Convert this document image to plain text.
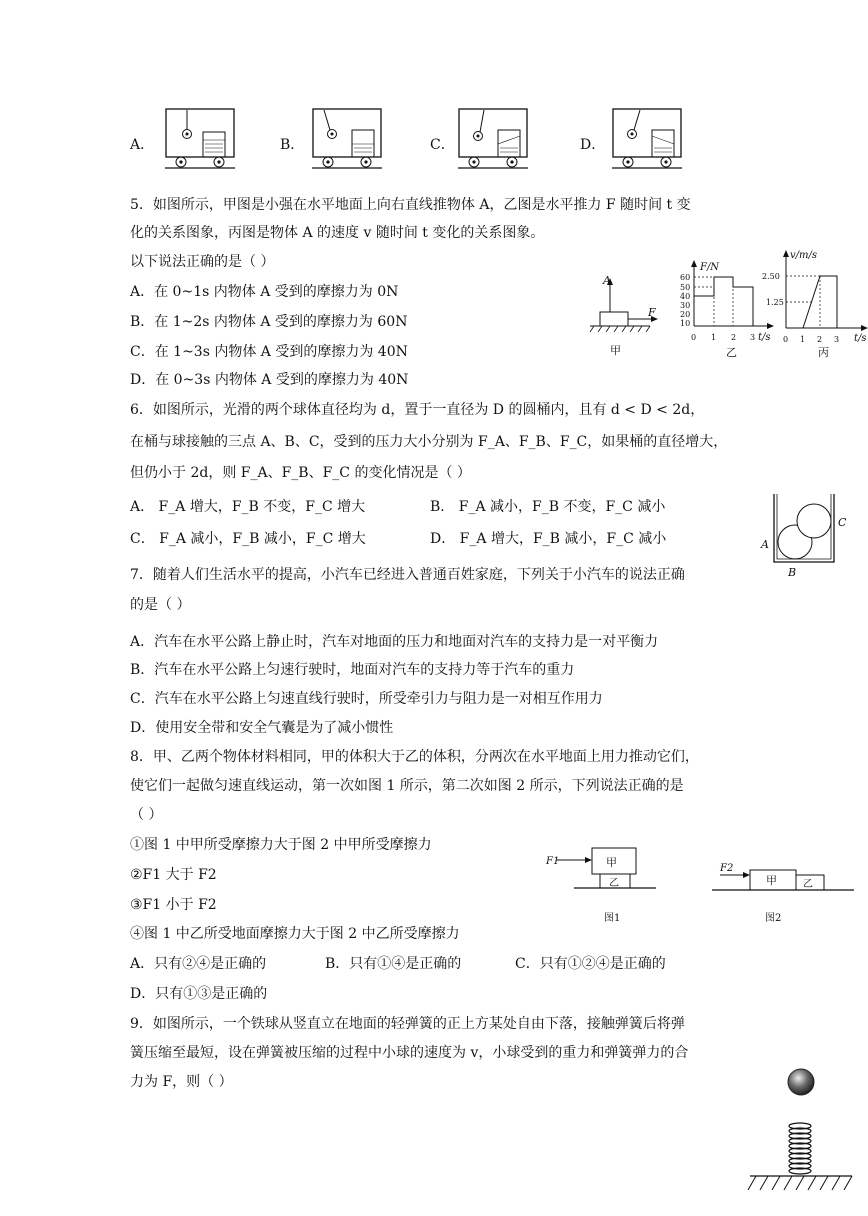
A．	B．	C．	D．
5．如图所示，甲图是小强在水平地面上向右直线推物体 A，乙图是水平推力 F 随时间 t 变
化的关系图象，丙图是物体 A 的速度 v 随时间 t 变化的关系图象。
以下说法正确的是（ ）
A．在 0~1s 内物体 A 受到的摩擦力为 0N
B．在 1~2s 内物体 A 受到的摩擦力为 60N
C．在 1~3s 内物体 A 受到的摩擦力为 40N
D．在 0~3s 内物体 A 受到的摩擦力为 40N
A
F
甲
F/N
t/s
60
50
40
30
20
10
0 1 2 3
乙
v/m/s
t/s
2.50
1.25
0 1 2 3
丙
6．如图所示，光滑的两个球体直径均为 d，置于一直径为 D 的圆桶内，且有 d < D < 2d，
在桶与球接触的三点 A、B、C，受到的压力大小分别为 F_A、F_B、F_C，如果桶的直径增大，
但仍小于 2d，则 F_A、F_B、F_C 的变化情况是（ ）
A． F_A 增大，F_B 不变，F_C 增大	B． F_A 减小，F_B 不变，F_C 减小
C． F_A 减小，F_B 减小，F_C 增大	D． F_A 增大，F_B 减小，F_C 减小	A
B
C
7．随着人们生活水平的提高，小汽车已经进入普通百姓家庭，下列关于小汽车的说法正确
的是（ ）
A．汽车在水平公路上静止时，汽车对地面的压力和地面对汽车的支持力是一对平衡力
B．汽车在水平公路上匀速行驶时，地面对汽车的支持力等于汽车的重力
C．汽车在水平公路上匀速直线行驶时，所受牵引力与阻力是一对相互作用力
D．使用安全带和安全气囊是为了减小惯性
8．甲、乙两个物体材料相同，甲的体积大于乙的体积，分两次在水平地面上用力推动它们，
使它们一起做匀速直线运动，第一次如图 1 所示，第二次如图 2 所示，下列说法正确的是
（ ）
①图 1 中甲所受摩擦力大于图 2 中甲所受摩擦力
②F1 大于 F2
③F1 小于 F2
④图 1 中乙所受地面摩擦力大于图 2 中乙所受摩擦力
A．只有②④是正确的	B．只有①④是正确的	C．只有①②④是正确的
D．只有①③是正确的
F1	甲
乙
图1
F2
甲	乙
图2
9．如图所示，一个铁球从竖直立在地面的轻弹簧的正上方某处自由下落，接触弹簧后将弹
簧压缩至最短，设在弹簧被压缩的过程中小球的速度为 v，小球受到的重力和弹簧弹力的合
力为 F，则（ ）
